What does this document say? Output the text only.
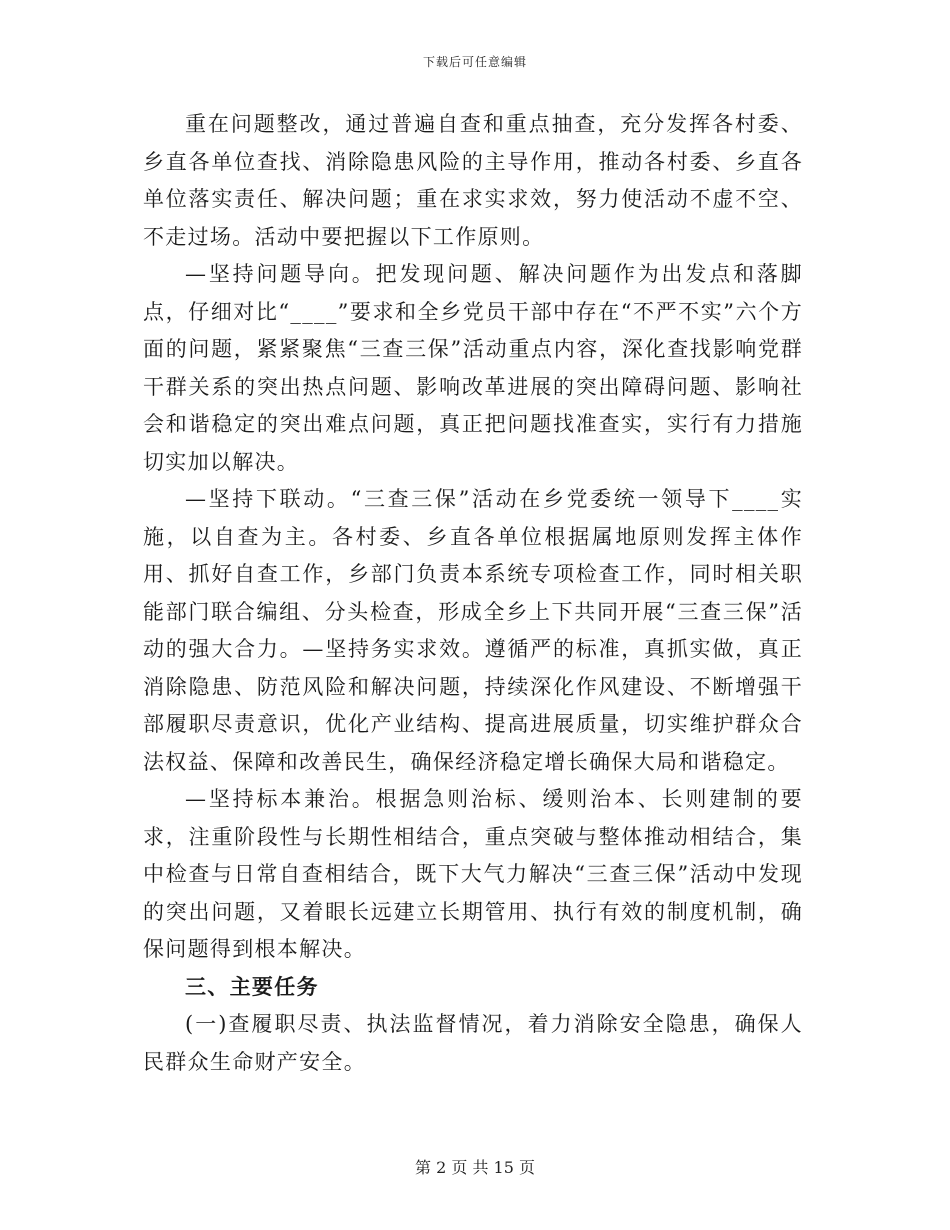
下载后可任意编辑

重在问题整改，通过普遍自查和重点抽查，充分发挥各村委、乡直各单位查找、消除隐患风险的主导作用，推动各村委、乡直各单位落实责任、解决问题；重在求实求效，努力使活动不虚不空、不走过场。活动中要把握以下工作原则。

—坚持问题导向。把发现问题、解决问题作为出发点和落脚点，仔细对比“____”要求和全乡党员干部中存在“不严不实”六个方面的问题，紧紧聚焦“三查三保”活动重点内容，深化查找影响党群干群关系的突出热点问题、影响改革进展的突出障碍问题、影响社会和谐稳定的突出难点问题，真正把问题找准查实，实行有力措施切实加以解决。

—坚持下联动。“三查三保”活动在乡党委统一领导下____实施，以自查为主。各村委、乡直各单位根据属地原则发挥主体作用、抓好自查工作，乡部门负责本系统专项检查工作，同时相关职能部门联合编组、分头检查，形成全乡上下共同开展“三查三保”活动的强大合力。—坚持务实求效。遵循严的标准，真抓实做，真正消除隐患、防范风险和解决问题，持续深化作风建设、不断增强干部履职尽责意识，优化产业结构、提高进展质量，切实维护群众合法权益、保障和改善民生，确保经济稳定增长确保大局和谐稳定。

—坚持标本兼治。根据急则治标、缓则治本、长则建制的要求，注重阶段性与长期性相结合，重点突破与整体推动相结合，集中检查与日常自查相结合，既下大气力解决“三查三保”活动中发现的突出问题，又着眼长远建立长期管用、执行有效的制度机制，确保问题得到根本解决。

三、主要任务

(一)查履职尽责、执法监督情况，着力消除安全隐患，确保人民群众生命财产安全。

第 2 页 共 15 页
